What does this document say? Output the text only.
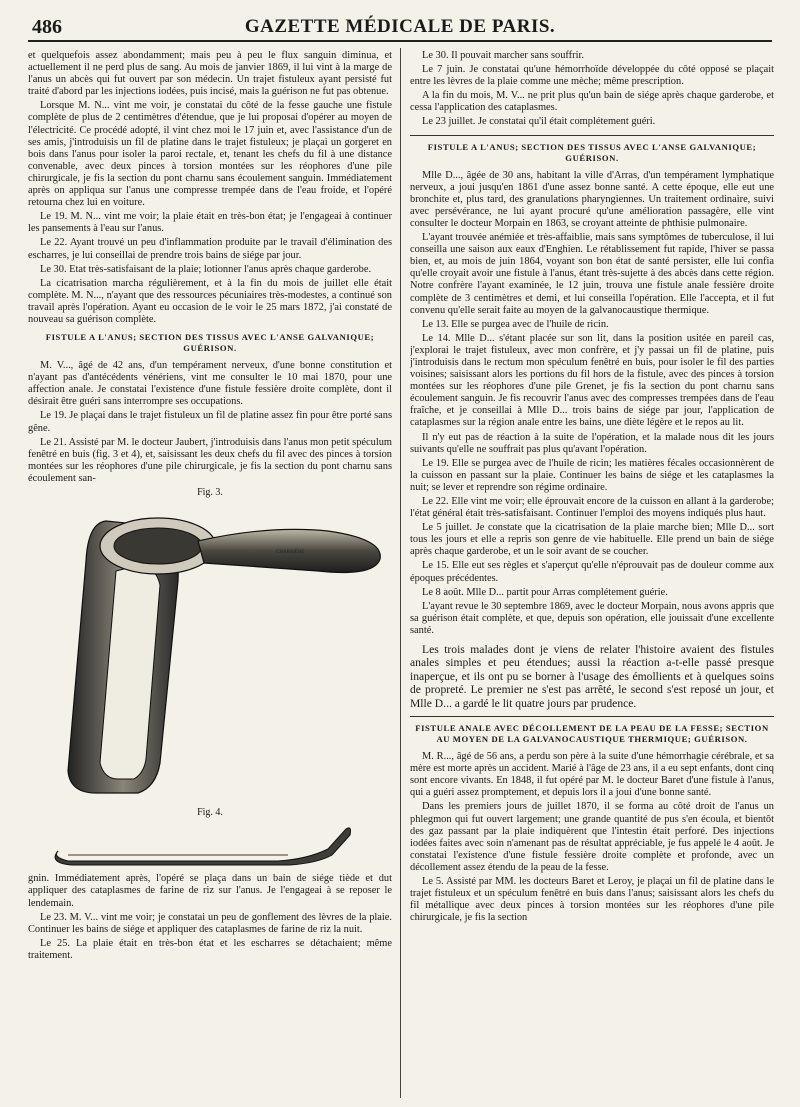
486	GAZETTE MÉDICALE DE PARIS.

et quelquefois assez abondamment; mais peu à peu le flux sanguin diminua, et actuellement il ne perd plus de sang. Au mois de janvier 1869, il lui vint à la marge de l'anus un abcès qui fut ouvert par son médecin. Un trajet fistuleux ayant persisté fut traité d'abord par les injections iodées, puis incisé, mais la guérison ne fut pas obtenue.

Lorsque M. N... vint me voir, je constatai du côté de la fesse gauche une fistule complète de plus de 2 centimètres d'étendue, que je lui proposai d'opérer au moyen de l'électricité. Ce procédé adopté, il vint chez moi le 17 juin et, avec l'assistance d'un de ses amis, j'introduisis un fil de platine dans le trajet fistuleux; je plaçai un gorgeret en bois dans l'anus pour isoler la paroi rectale, et, tenant les chefs du fil à une distance convenable, avec deux pinces à torsion montées sur les réophores d'une pile chirurgicale, je fis la section du pont charnu sans écoulement sanguin. Immédiatement après on appliqua sur l'anus une compresse trempée dans de l'eau froide, et l'opéré retourna chez lui en voiture.

Le 19. M. N... vint me voir; la plaie était en très-bon état; je l'engageai à continuer les pansements à l'eau sur l'anus.

Le 22. Ayant trouvé un peu d'inflammation produite par le travail d'élimination des escharres, je lui conseillai de prendre trois bains de siége par jour.

Le 30. Etat très-satisfaisant de la plaie; lotionner l'anus après chaque garderobe.

La cicatrisation marcha régulièrement, et à la fin du mois de juillet elle était complète. M. N..., n'ayant que des ressources pécuniaires très-modestes, a continué son travail après l'opération. Ayant eu occasion de le voir le 25 mars 1872, j'ai constaté de nouveau sa guérison complète.

FISTULE A L'ANUS; SECTION DES TISSUS AVEC L'ANSE GALVANIQUE; GUÉRISON.

M. V..., âgé de 42 ans, d'un tempérament nerveux, d'une bonne constitution et n'ayant pas d'antécédents vénériens, vint me consulter le 10 mai 1870, pour une affection anale. Je constatai l'existence d'une fistule fessière droite complète, dont il désirait être guéri sans interrompre ses occupations.

Le 19. Je plaçai dans le trajet fistuleux un fil de platine assez fin pour être porté sans gêne.

Le 21. Assisté par M. le docteur Jaubert, j'introduisis dans l'anus mon petit spéculum fenêtré en buis (fig. 3 et 4), et, saisissant les deux chefs du fil avec des pinces à torsion montées sur les réophores d'une pile chirurgicale, je fis la section du pont charnu sans écoulement san-

Fig. 3.
CHARRIÈRE
Fig. 4.

gnin. Immédiatement après, l'opéré se plaça dans un bain de siége tiède et dut appliquer des cataplasmes de farine de riz sur l'anus. Je l'engageai à se reposer le lendemain.

Le 23. M. V... vint me voir; je constatai un peu de gonflement des lèvres de la plaie. Continuer les bains de siége et appliquer des cataplasmes de farine de riz la nuit.

Le 25. La plaie était en très-bon état et les escharres se détachaient; même traitement.

Le 30. Il pouvait marcher sans souffrir.

Le 7 juin. Je constatai qu'une hémorrhoïde développée du côté opposé se plaçait entre les lèvres de la plaie comme une mèche; même prescription.

A la fin du mois, M. V... ne prit plus qu'un bain de siége après chaque garderobe, et cessa l'application des cataplasmes.

Le 23 juillet. Je constatai qu'il était complétement guéri.

FISTULE A L'ANUS; SECTION DES TISSUS AVEC L'ANSE GALVANIQUE; GUÉRISON.

Mlle D..., âgée de 30 ans, habitant la ville d'Arras, d'un tempérament lymphatique nerveux, a joui jusqu'en 1861 d'une assez bonne santé. A cette époque, elle eut une bronchite et, plus tard, des granulations pharyngiennes. Un traitement ordinaire, suivi avec persévérance, ne lui ayant procuré qu'une amélioration passagère, elle vint consulter le docteur Morpain en 1863, se croyant atteinte de phthisie pulmonaire.

L'ayant trouvée anémiée et très-affaiblie, mais sans symptômes de tuberculose, il lui conseilla une saison aux eaux d'Enghien. Le rétablissement fut rapide, l'hiver se passa bien, et, au mois de juin 1864, voyant son bon état de santé persister, elle lui confia qu'elle croyait avoir une fistule à l'anus, étant très-sujette à des abcès dans cette région. Notre confrère l'ayant examinée, le 12 juin, trouva une fistule anale fessière droite complète de 3 centimètres et demi, et lui conseilla l'opération. Elle l'accepta, et il fut convenu qu'elle serait faite au moyen de la galvanocaustique thermique.

Le 13. Elle se purgea avec de l'huile de ricin.

Le 14. Mlle D... s'étant placée sur son lit, dans la position usitée en pareil cas, j'explorai le trajet fistuleux, avec mon confrère, et j'y passai un fil de platine, puis j'introduisis dans le rectum mon spéculum fenêtré en buis, pour isoler le fil des parties voisines; saisissant alors les portions du fil hors de la fistule, avec des pinces à torsion montées sur les réophores d'une pile Grenet, je fis la section du pont charnu sans écoulement sanguin. Je fis recouvrir l'anus avec des compresses trempées dans de l'eau fraîche, et je conseillai à Mlle D... trois bains de siége par jour, l'application de cataplasmes sur la région anale entre les bains, une diète légère et le repos au lit.

Il n'y eut pas de réaction à la suite de l'opération, et la malade nous dit les jours suivants qu'elle ne souffrait pas plus qu'avant l'opération.

Le 19. Elle se purgea avec de l'huile de ricin; les matières fécales occasionnèrent de la cuisson en passant sur la plaie. Continuer les bains de siége et les cataplasmes la nuit; se lever et reprendre son régime ordinaire.

Le 22. Elle vint me voir; elle éprouvait encore de la cuisson en allant à la garderobe; l'état général était très-satisfaisant. Continuer l'emploi des moyens indiqués plus haut.

Le 5 juillet. Je constate que la cicatrisation de la plaie marche bien; Mlle D... sort tous les jours et elle a repris son genre de vie habituelle. Elle prend un bain de siége après chaque garderobe, et un le soir avant de se coucher.

Le 15. Elle eut ses règles et s'aperçut qu'elle n'éprouvait pas de douleur comme aux époques précédentes.

Le 8 août. Mlle D... partit pour Arras complétement guérie.

L'ayant revue le 30 septembre 1869, avec le docteur Morpain, nous avons appris que sa guérison était complète, et que, depuis son opération, elle jouissait d'une excellente santé.

Les trois malades dont je viens de relater l'histoire avaient des fistules anales simples et peu étendues; aussi la réaction a-t-elle passé presque inaperçue, et ils ont pu se borner à l'usage des émollients et à quelques soins de propreté. Le premier ne s'est pas arrêté, le second s'est reposé un jour, et Mlle D... a gardé le lit quatre jours par prudence.

FISTULE ANALE AVEC DÉCOLLEMENT DE LA PEAU DE LA FESSE; SECTION AU MOYEN DE LA GALVANOCAUSTIQUE THERMIQUE; GUÉRISON.

M. R..., âgé de 56 ans, a perdu son père à la suite d'une hémorrhagie cérébrale, et sa mère est morte après un accident. Marié à l'âge de 23 ans, il a eu sept enfants, dont cinq sont encore vivants. En 1848, il fut opéré par M. le docteur Baret d'une fistule à l'anus, qui a guéri assez promptement, et depuis lors il a joui d'une bonne santé.

Dans les premiers jours de juillet 1870, il se forma au côté droit de l'anus un phlegmon qui fut ouvert largement; une grande quantité de pus s'en écoula, et bientôt des gaz passant par la plaie indiquèrent que l'intestin était perforé. Des injections iodées faites avec soin n'amenant pas de résultat appréciable, je fus appelé le 4 août. Je constatai l'existence d'une fistule fessière droite complète et profonde, avec un décollement assez étendu de la peau de la fesse.

Le 5. Assisté par MM. les docteurs Baret et Leroy, je plaçai un fil de platine dans le trajet fistuleux et un spéculum fenêtré en buis dans l'anus; saisissant alors les chefs du fil métallique avec deux pinces à torsion montées sur les réophores d'une pile chirurgicale, je fis la section
